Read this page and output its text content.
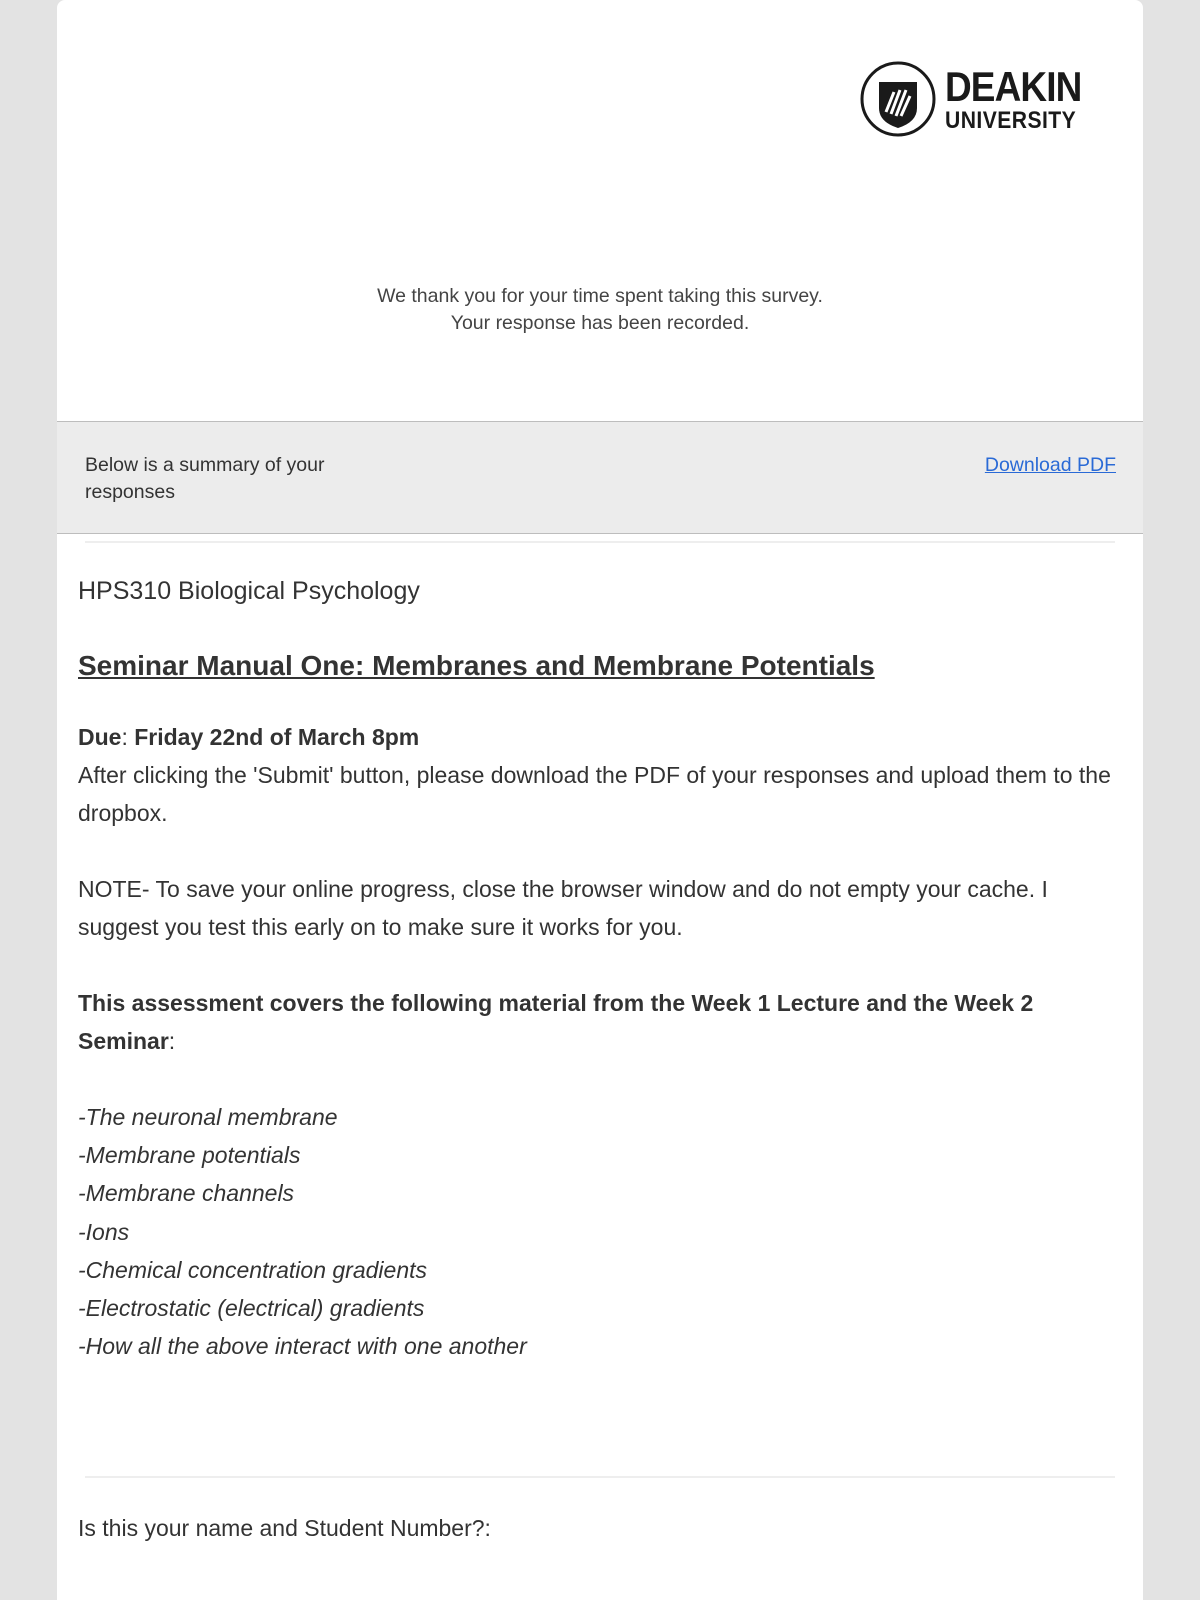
DEAKIN
UNIVERSITY
We thank you for your time spent taking this survey.
Your response has been recorded.
Below is a summary of your responses
Download PDF

HPS310 Biological Psychology

Seminar Manual One: Membranes and Membrane Potentials

Due: Friday 22nd of March 8pm
After clicking the 'Submit' button, please download the PDF of your responses and upload them to the dropbox.

NOTE- To save your online progress, close the browser window and do not empty your cache. I suggest you test this early on to make sure it works for you.

This assessment covers the following material from the Week 1 Lecture and the Week 2 Seminar:

-The neuronal membrane
-Membrane potentials
-Membrane channels
-Ions
-Chemical concentration gradients
-Electrostatic (electrical) gradients
-How all the above interact with one another
Is this your name and Student Number?:
